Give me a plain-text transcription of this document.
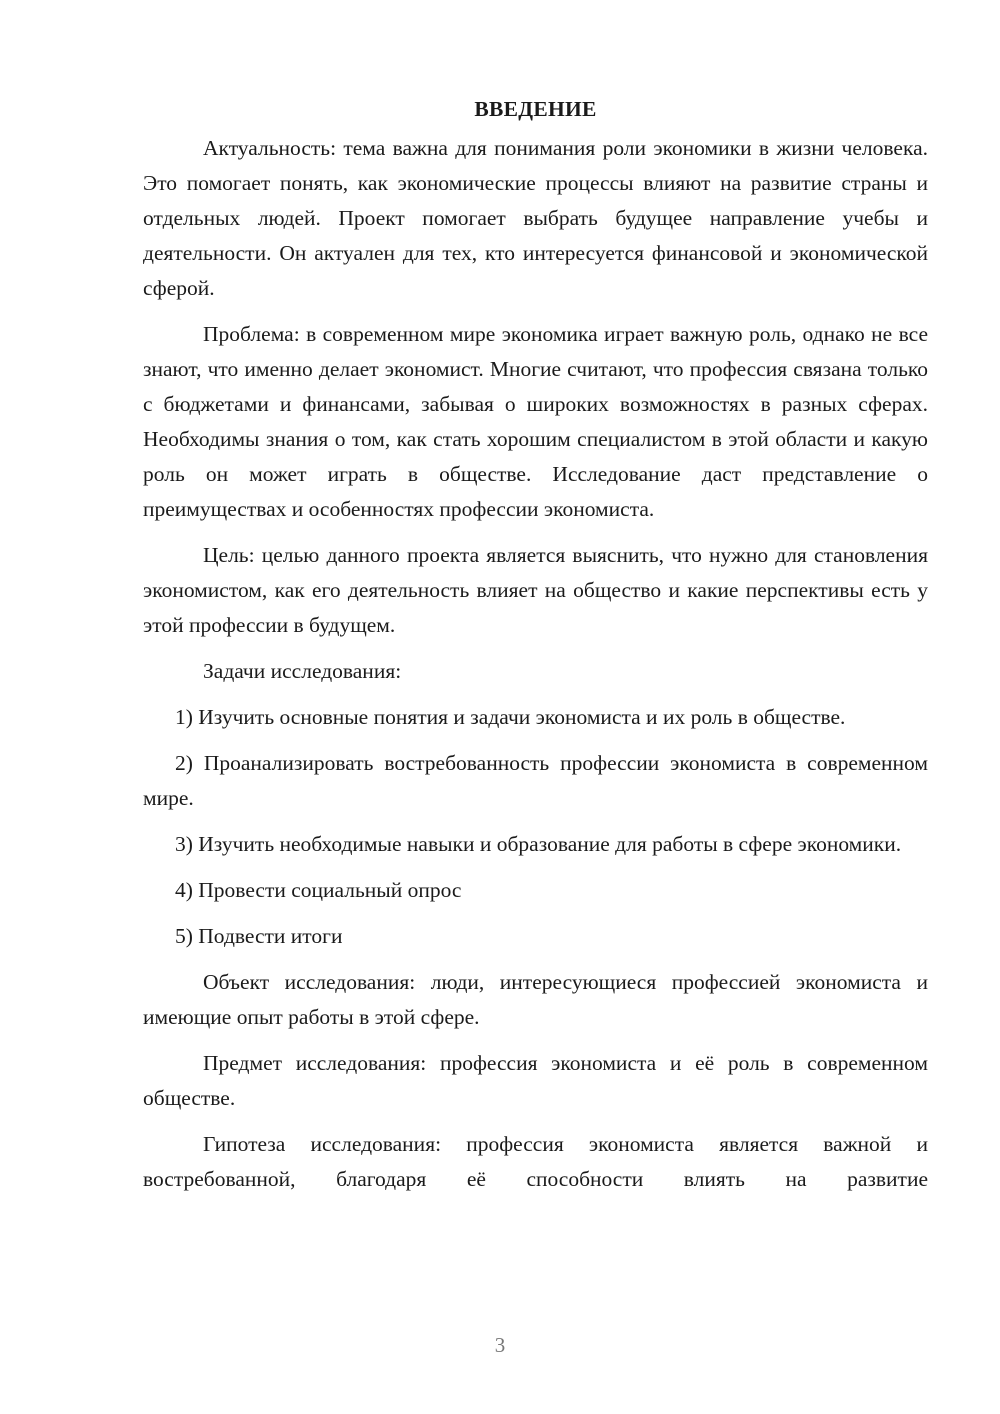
ВВЕДЕНИЕ

Актуальность: тема важна для понимания роли экономики в жизни человека. Это помогает понять, как экономические процессы влияют на развитие страны и отдельных людей. Проект помогает выбрать будущее направление учебы и деятельности. Он актуален для тех, кто интересуется финансовой и экономической сферой.

Проблема: в современном мире экономика играет важную роль, однако не все знают, что именно делает экономист. Многие считают, что профессия связана только с бюджетами и финансами, забывая о широких возможностях в разных сферах. Необходимы знания о том, как стать хорошим специалистом в этой области и какую роль он может играть в обществе. Исследование даст представление о преимуществах и особенностях профессии экономиста.

Цель: целью данного проекта является выяснить, что нужно для становления экономистом, как его деятельность влияет на общество и какие перспективы есть у этой профессии в будущем.

Задачи исследования:

1) Изучить основные понятия и задачи экономиста и их роль в обществе.

2) Проанализировать востребованность профессии экономиста в современном мире.

3) Изучить необходимые навыки и образование для работы в сфере экономики.

4) Провести социальный опрос

5) Подвести итоги

Объект исследования: люди, интересующиеся профессией экономиста и имеющие опыт работы в этой сфере.

Предмет исследования: профессия экономиста и её роль в современном обществе.

Гипотеза исследования: профессия экономиста является важной и востребованной, благодаря её способности влиять на развитие

3
